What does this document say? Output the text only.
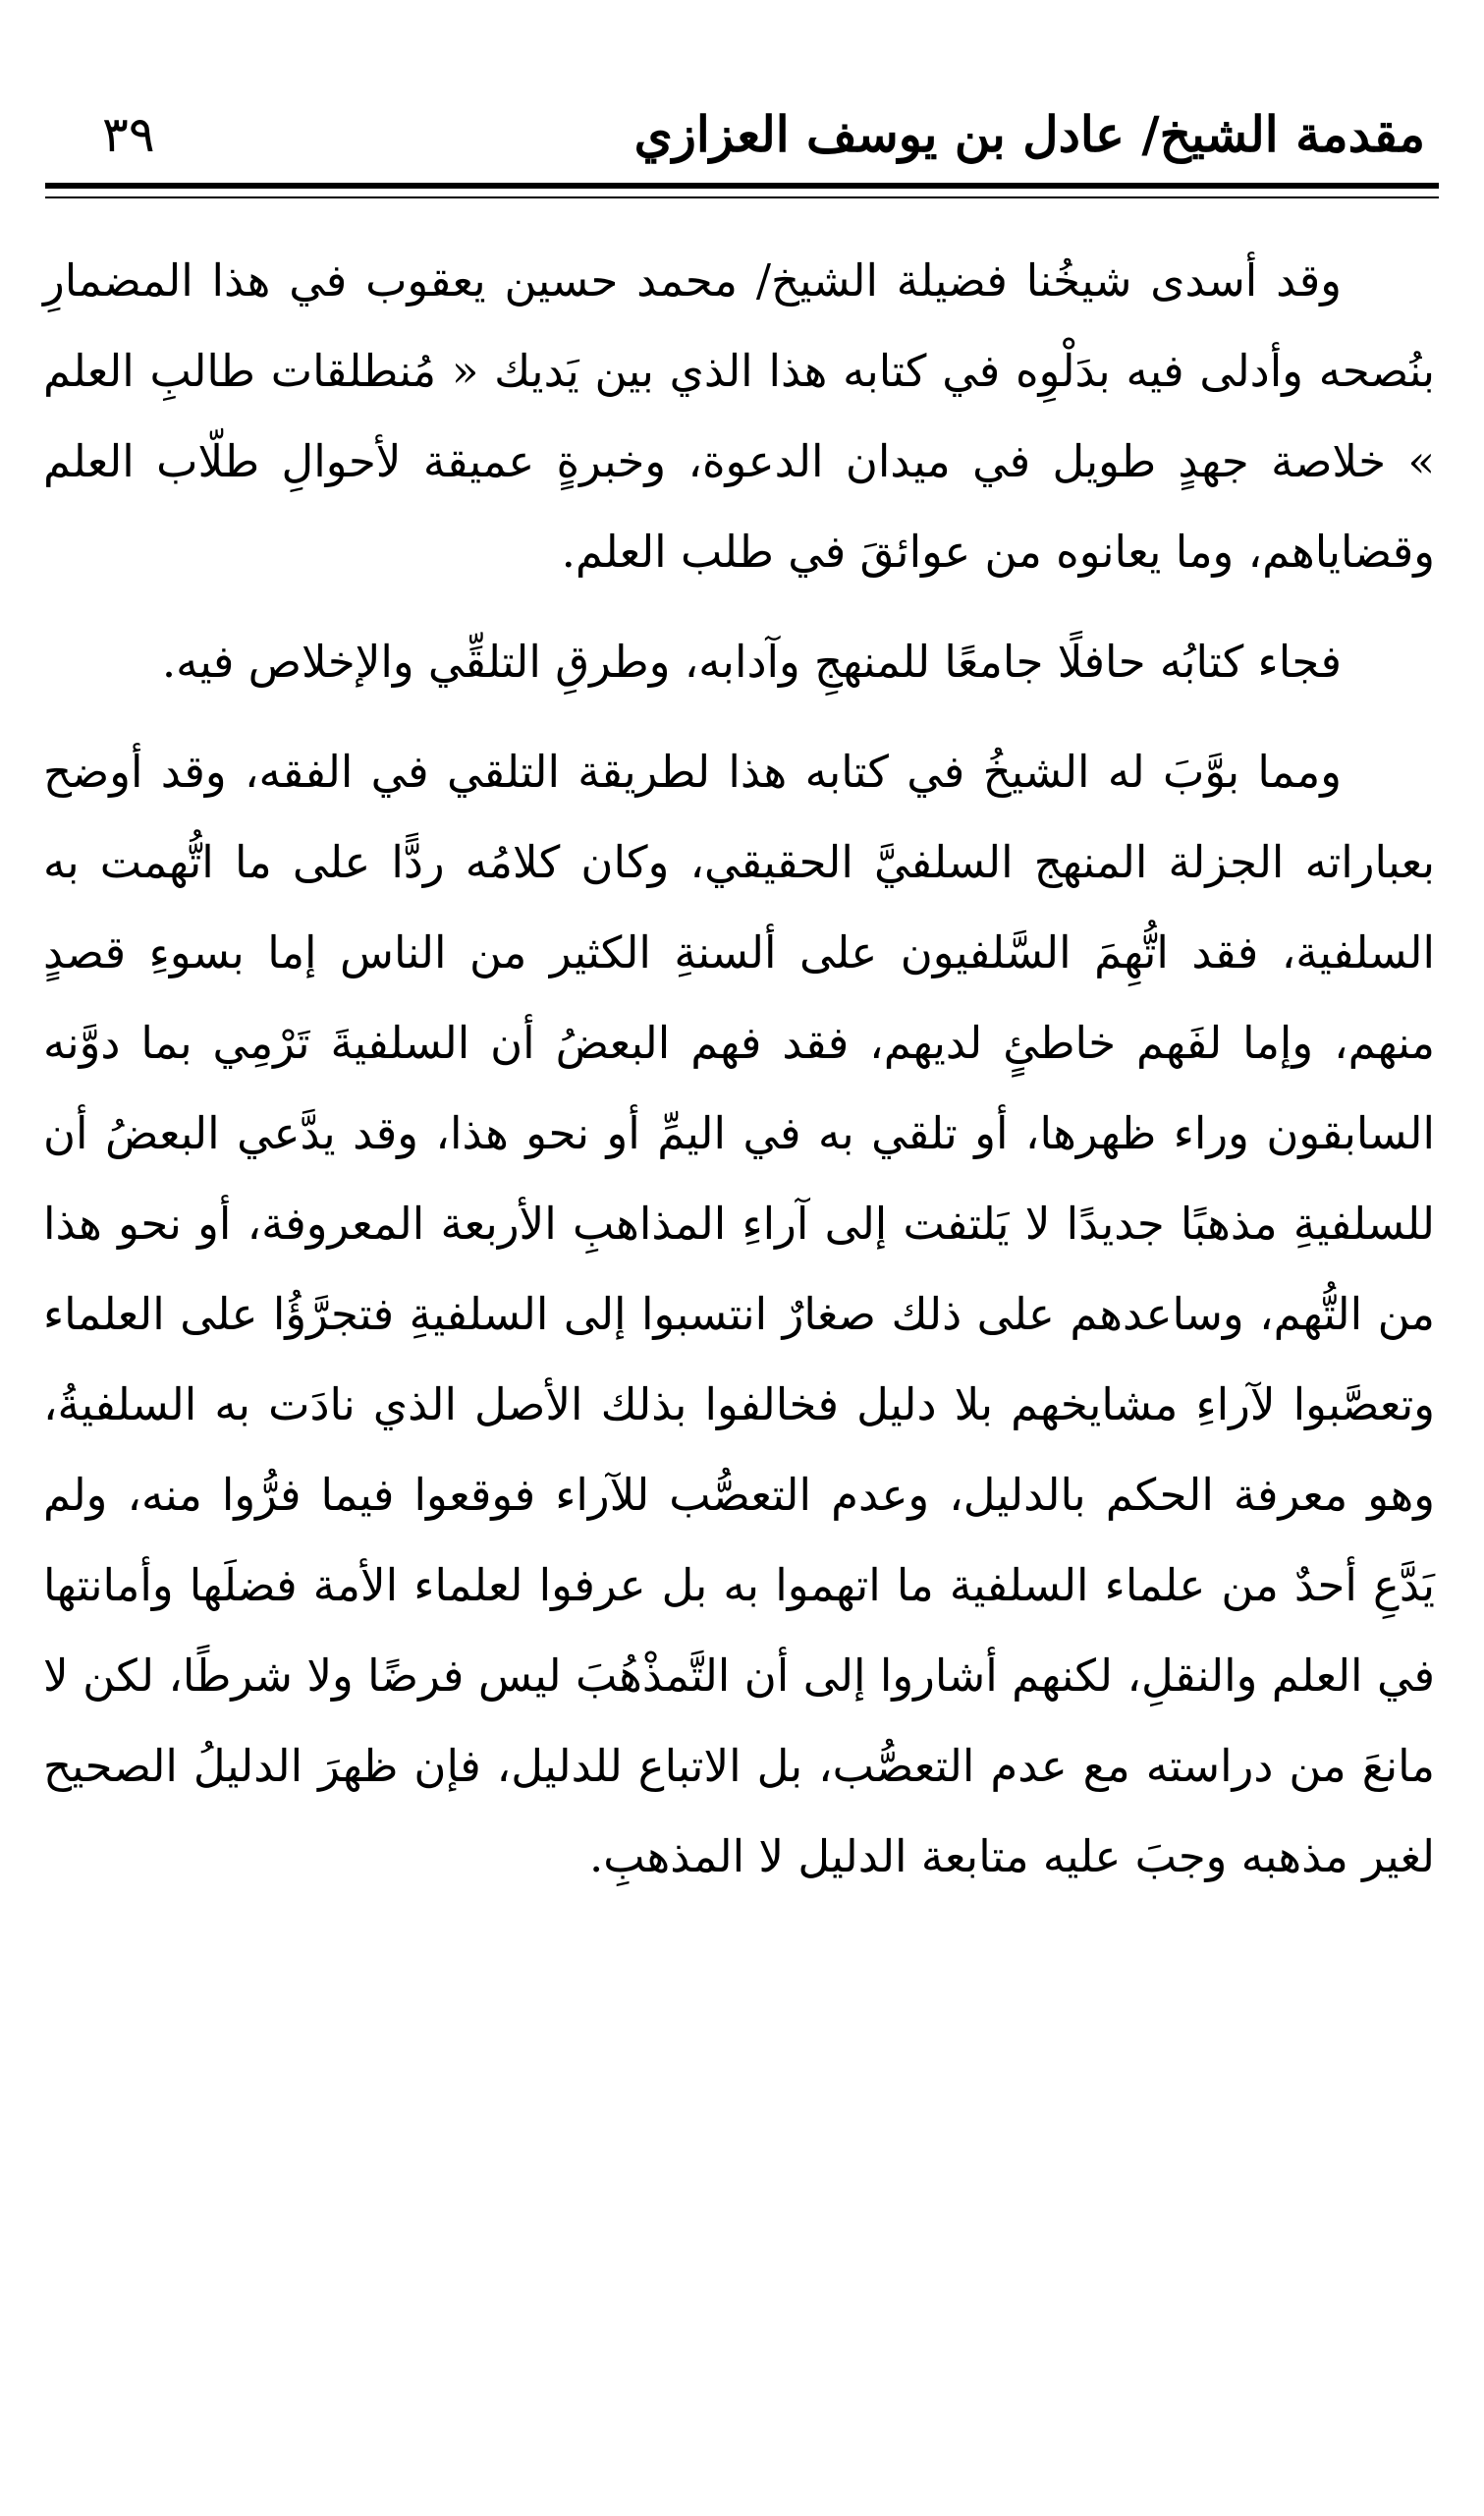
مقدمة الشيخ/ عادل بن يوسف العزازي
٣٩

وقد أسدى شيخُنا فضيلة الشيخ/ محمد حسين يعقوب في هذا المضمارِ بنُصحه وأدلى فيه بدَلْوِه في كتابه هذا الذي بين يَديك « مُنطلقات طالبِ العلم » خلاصة جهدٍ طويل في ميدان الدعوة، وخبرةٍ عميقة لأحوالِ طلّاب العلم وقضاياهم، وما يعانوه من عوائقَ في طلب العلم.

فجاء كتابُه حافلًا جامعًا للمنهجِ وآدابه، وطرقِ التلقِّي والإخلاص فيه.

ومما بوَّبَ له الشيخُ في كتابه هذا لطريقة التلقي في الفقه، وقد أوضح بعباراته الجزلة المنهج السلفيَّ الحقيقي، وكان كلامُه ردًّا على ما اتُّهمت به السلفية، فقد اتُّهِمَ السَّلفيون على ألسنةِ الكثير من الناس إما بسوءِ قصدٍ منهم، وإما لفَهم خاطئٍ لديهم، فقد فهم البعضُ أن السلفيةَ تَرْمِي بما دوَّنه السابقون وراء ظهرها، أو تلقي به في اليمِّ أو نحو هذا، وقد يدَّعي البعضُ أن للسلفيةِ مذهبًا جديدًا لا يَلتفت إلى آراءِ المذاهبِ الأربعة المعروفة، أو نحو هذا من التُّهم، وساعدهم على ذلك صغارٌ انتسبوا إلى السلفيةِ فتجرَّؤُا على العلماء وتعصَّبوا لآراءِ مشايخهم بلا دليل فخالفوا بذلك الأصل الذي نادَت به السلفيةُ، وهو معرفة الحكم بالدليل، وعدم التعصُّب للآراء فوقعوا فيما فرُّوا منه، ولم يَدَّعِ أحدٌ من علماء السلفية ما اتهموا به بل عرفوا لعلماء الأمة فضلَها وأمانتها في العلم والنقلِ، لكنهم أشاروا إلى أن التَّمذْهُبَ ليس فرضًا ولا شرطًا، لكن لا مانعَ من دراسته مع عدم التعصُّب، بل الاتباع للدليل، فإن ظهرَ الدليلُ الصحيح لغير مذهبه وجبَ عليه متابعة الدليل لا المذهبِ.
